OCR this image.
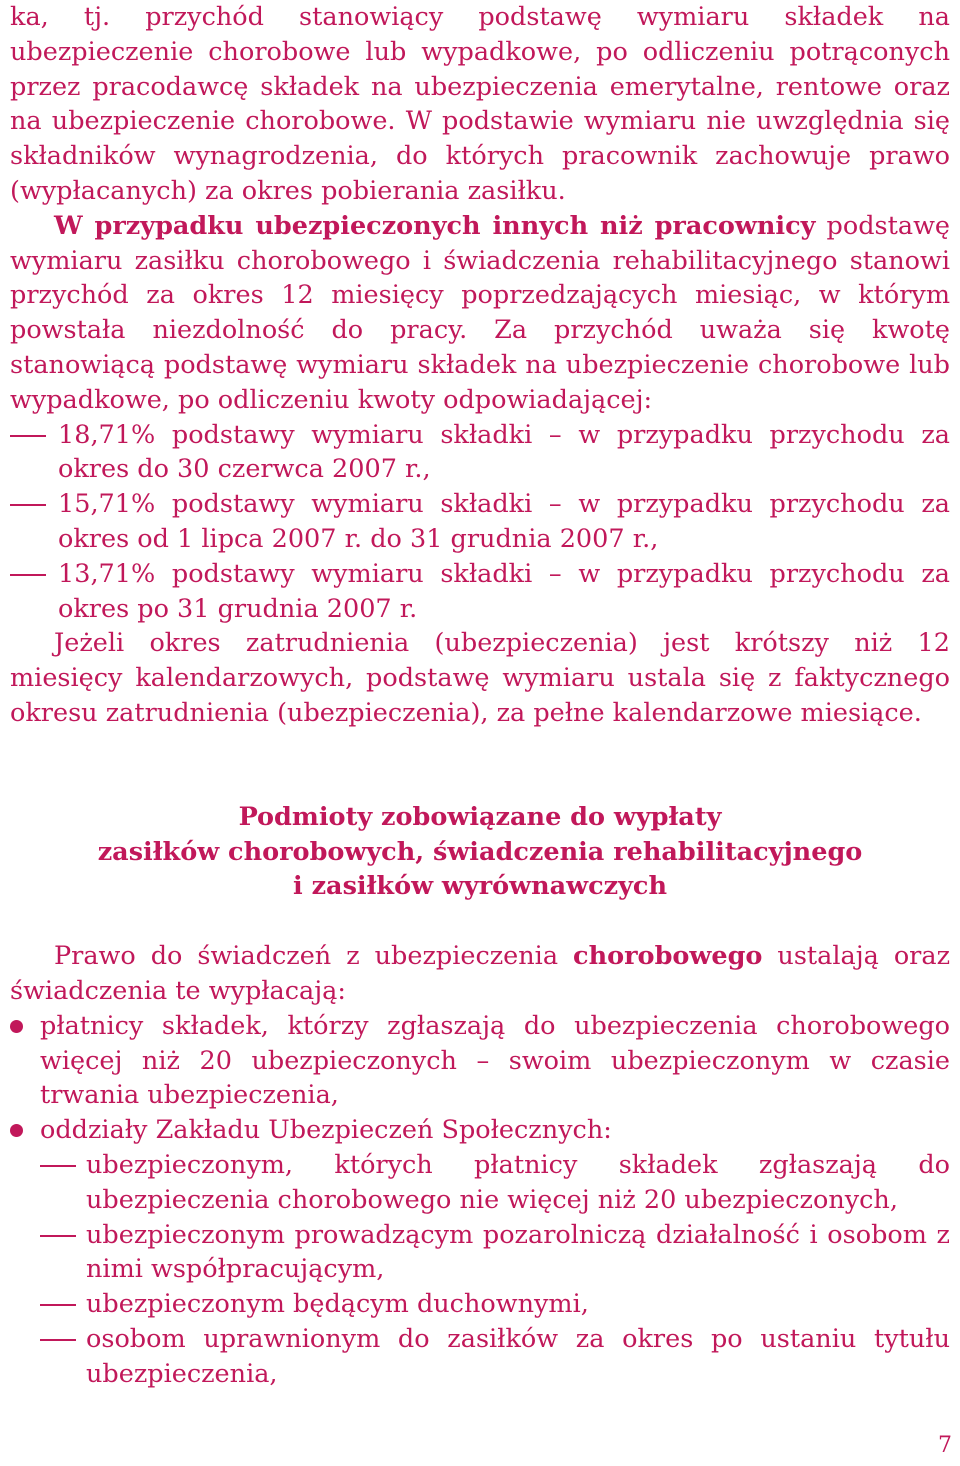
ka, tj. przychód stanowiący podstawę wymiaru składek na ubezpieczenie chorobowe lub wypadkowe, po odliczeniu potrąconych przez pracodawcę składek na ubezpieczenia emerytalne, rentowe oraz na ubezpieczenie chorobowe. W podstawie wymiaru nie uwzględnia się składników wynagrodzenia, do których pracownik zachowuje prawo (wypłacanych) za okres pobierania zasiłku.

W przypadku ubezpieczonych innych niż pracownicy podstawę wymiaru zasiłku chorobowego i świadczenia rehabilitacyjnego stanowi przychód za okres 12 miesięcy poprzedzających miesiąc, w którym powstała niezdolność do pracy. Za przychód uważa się kwotę stanowiącą podstawę wymiaru składek na ubezpieczenie chorobowe lub wypadkowe, po odliczeniu kwoty odpowiadającej:

18,71% podstawy wymiaru składki – w przypadku przychodu za okres do 30 czerwca 2007 r.,
15,71% podstawy wymiaru składki – w przypadku przychodu za okres od 1 lipca 2007 r. do 31 grudnia 2007 r.,
13,71% podstawy wymiaru składki – w przypadku przychodu za okres po 31 grudnia 2007 r.

Jeżeli okres zatrudnienia (ubezpieczenia) jest krótszy niż 12 miesięcy kalendarzowych, podstawę wymiaru ustala się z faktycznego okresu zatrudnienia (ubezpieczenia), za pełne kalendarzowe miesiące.

Podmioty zobowiązane do wypłaty
zasiłków chorobowych, świadczenia rehabilitacyjnego
i zasiłków wyrównawczych

Prawo do świadczeń z ubezpieczenia chorobowego ustalają oraz świadczenia te wypłacają:

płatnicy składek, którzy zgłaszają do ubezpieczenia chorobowego więcej niż 20 ubezpieczonych – swoim ubezpieczonym w czasie trwania ubezpieczenia,
oddziały Zakładu Ubezpieczeń Społecznych:
ubezpieczonym, których płatnicy składek zgłaszają do ubezpieczenia chorobowego nie więcej niż 20 ubezpieczonych,
ubezpieczonym prowadzącym pozarolniczą działalność i osobom z nimi współpracującym,
ubezpieczonym będącym duchownymi,
osobom uprawnionym do zasiłków za okres po ustaniu tytułu ubezpieczenia,
7
